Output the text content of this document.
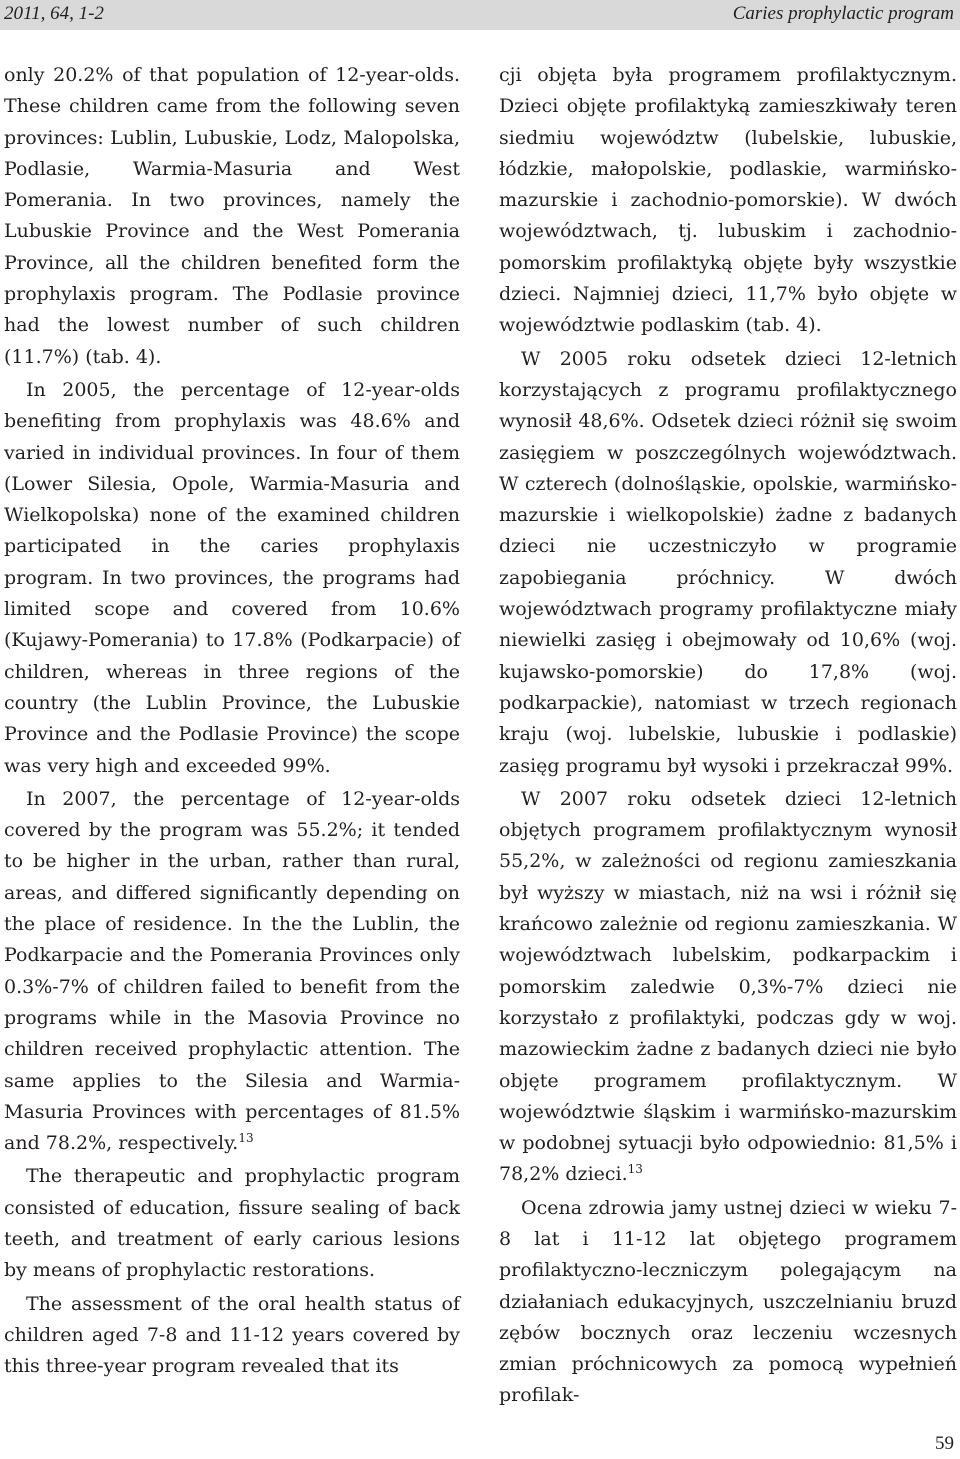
2011, 64, 1-2	Caries prophylactic program

only 20.2% of that population of 12-year-olds. These children came from the following seven provinces: Lublin, Lubuskie, Lodz, Malopolska, Podlasie, Warmia-Masuria and West Pomerania. In two provinces, namely the Lubuskie Province and the West Pomerania Province, all the children benefited form the prophylaxis program. The Podlasie province had the lowest number of such children (11.7%) (tab. 4).

In 2005, the percentage of 12-year-olds benefiting from prophylaxis was 48.6% and varied in individual provinces. In four of them (Lower Silesia, Opole, Warmia-Masuria and Wielkopolska) none of the examined children participated in the caries prophylaxis program. In two provinces, the programs had limited scope and covered from 10.6% (Kujawy-Pomerania) to 17.8% (Podkarpacie) of children, whereas in three regions of the country (the Lublin Province, the Lubuskie Province and the Podlasie Province) the scope was very high and exceeded 99%.

In 2007, the percentage of 12-year-olds covered by the program was 55.2%; it tended to be higher in the urban, rather than rural, areas, and differed significantly depending on the place of residence. In the the Lublin, the Podkarpacie and the Pomerania Provinces only 0.3%-7% of children failed to benefit from the programs while in the Masovia Province no children received prophylactic attention. The same applies to the Silesia and Warmia-Masuria Provinces with percentages of 81.5% and 78.2%, respectively.$^{13}$

The therapeutic and prophylactic program consisted of education, fissure sealing of back teeth, and treatment of early carious lesions by means of prophylactic restorations.

The assessment of the oral health status of children aged 7-8 and 11-12 years covered by this three-year program revealed that its

cji objęta była programem profilaktycznym. Dzieci objęte profilaktyką zamieszkiwały teren siedmiu województw (lubelskie, lubuskie, łódzkie, małopolskie, podlaskie, warmińsko-mazurskie i zachodnio-pomorskie). W dwóch województwach, tj. lubuskim i zachodnio-pomorskim profilaktyką objęte były wszystkie dzieci. Najmniej dzieci, 11,7% było objęte w województwie podlaskim (tab. 4).

W 2005 roku odsetek dzieci 12-letnich korzystających z programu profilaktycznego wynosił 48,6%. Odsetek dzieci różnił się swoim zasięgiem w poszczególnych województwach. W czterech (dolnośląskie, opolskie, warmińsko-mazurskie i wielkopolskie) żadne z badanych dzieci nie uczestniczyło w programie zapobiegania próchnicy. W dwóch województwach programy profilaktyczne miały niewielki zasięg i obejmowały od 10,6% (woj. kujawsko-pomorskie) do 17,8% (woj. podkarpackie), natomiast w trzech regionach kraju (woj. lubelskie, lubuskie i podlaskie) zasięg programu był wysoki i przekraczał 99%.

W 2007 roku odsetek dzieci 12-letnich objętych programem profilaktycznym wynosił 55,2%, w zależności od regionu zamieszkania był wyższy w miastach, niż na wsi i różnił się krańcowo zależnie od regionu zamieszkania. W województwach lubelskim, podkarpackim i pomorskim zaledwie 0,3%-7% dzieci nie korzystało z profilaktyki, podczas gdy w woj. mazowieckim żadne z badanych dzieci nie było objęte programem profilaktycznym. W województwie śląskim i warmińsko-mazurskim w podobnej sytuacji było odpowiednio: 81,5% i 78,2% dzieci.$^{13}$

Ocena zdrowia jamy ustnej dzieci w wieku 7-8 lat i 11-12 lat objętego programem profilaktyczno-leczniczym polegającym na działaniach edukacyjnych, uszczelnianiu bruzd zębów bocznych oraz leczeniu wczesnych zmian próchnicowych za pomocą wypełnień profilak-

59
